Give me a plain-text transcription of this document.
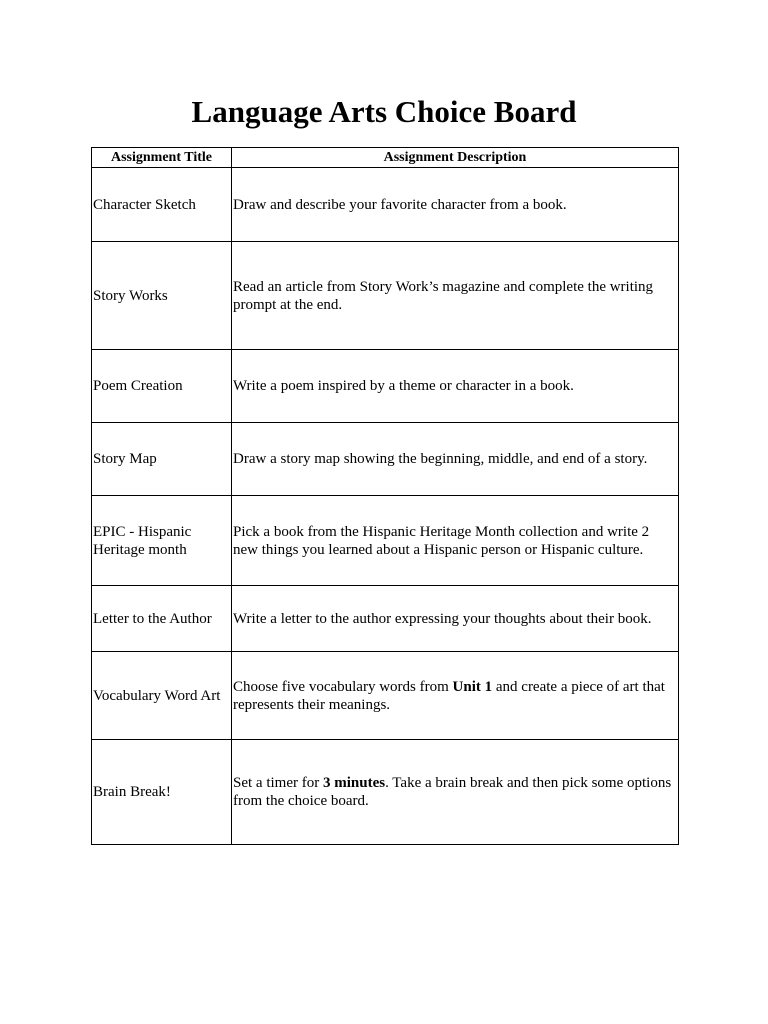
Language Arts Choice Board
Assignment Title	Assignment Description
Character Sketch	Draw and describe your favorite character from a book.
Story Works	Read an article from Story Work’s magazine and complete the writing prompt at the end.
Poem Creation	Write a poem inspired by a theme or character in a book.
Story Map	Draw a story map showing the beginning, middle, and end of a story.
EPIC - Hispanic Heritage month	Pick a book from the Hispanic Heritage Month collection and write 2 new things you learned about a Hispanic person or Hispanic culture.
Letter to the Author	Write a letter to the author expressing your thoughts about their book.
Vocabulary Word Art	Choose five vocabulary words from Unit 1 and create a piece of art that represents their meanings.
Brain Break!	Set a timer for 3 minutes. Take a brain break and then pick some options from the choice board.
